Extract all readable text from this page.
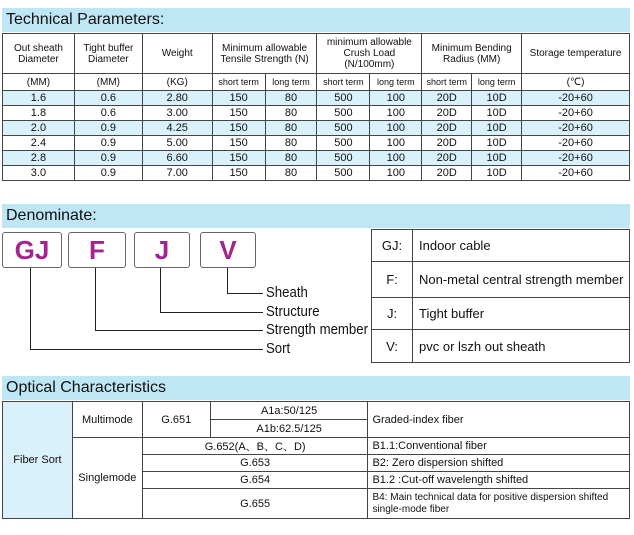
Technical Parameters:
Out sheath Diameter	Tight buffer Diameter	Weight	Minimum allowable Tensile Strength (N)		minimum allowable Crush Load (N/100mm)		Minimum Bending Radius (MM)		Storage temperature
(MM)	(MM)	(KG)	short term	long term	short term	long term	short term	long term	(℃)
1.6	0.6	2.80	150	80	500	100	20D	10D	-20+60
1.8	0.6	3.00	150	80	500	100	20D	10D	-20+60
2.0	0.9	4.25	150	80	500	100	20D	10D	-20+60
2.4	0.9	5.00	150	80	500	100	20D	10D	-20+60
2.8	0.9	6.60	150	80	500	100	20D	10D	-20+60
3.0	0.9	7.00	150	80	500	100	20D	10D	-20+60
Denominate:
GJ	F	J	V
Sheath
Structure
Strength member
Sort
GJ:	Indoor cable
F:	Non-metal central strength member
J:	Tight buffer
V:	pvc or lszh out sheath
Optical Characteristics
Fiber Sort	Multimode	G.651	A1a:50/125	Graded-index fiber
			A1b:62.5/125	
	Singlemode	G.652(A、B、C、D)		B1.1:Conventional fiber
		G.653		B2: Zero dispersion shifted
		G.654		B1.2 :Cut-off wavelength shifted
		G.655		B4: Main technical data for positive dispersion shifted single-mode fiber
